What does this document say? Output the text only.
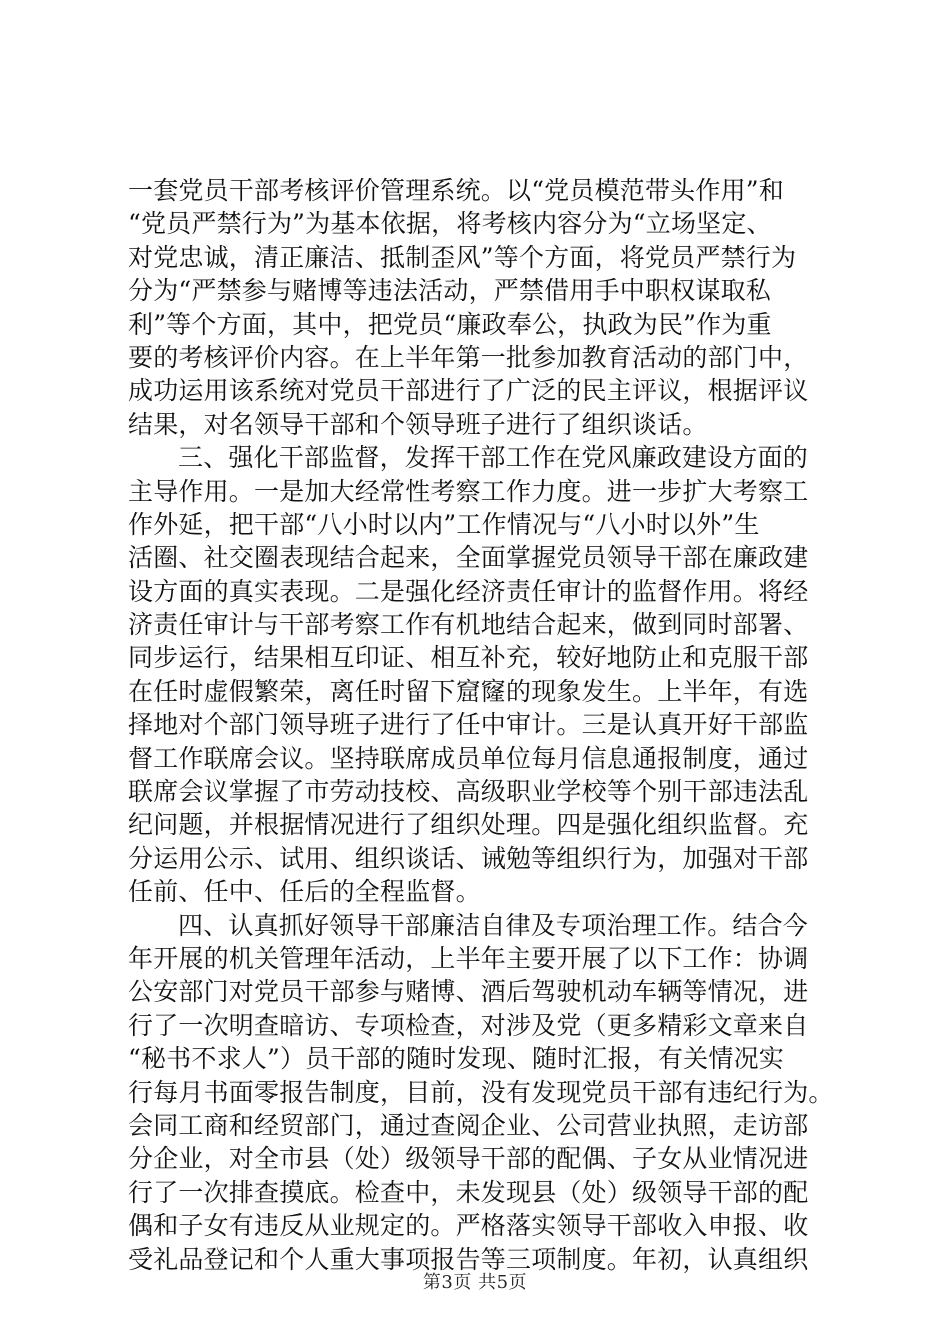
一套党员干部考核评价管理系统。以“党员模范带头作用”和
“党员严禁行为”为基本依据，将考核内容分为“立场坚定、
对党忠诚，清正廉洁、抵制歪风”等个方面，将党员严禁行为
分为“严禁参与赌博等违法活动，严禁借用手中职权谋取私
利”等个方面，其中，把党员“廉政奉公，执政为民”作为重
要的考核评价内容。在上半年第一批参加教育活动的部门中，
成功运用该系统对党员干部进行了广泛的民主评议，根据评议
结果，对名领导干部和个领导班子进行了组织谈话。
三、强化干部监督，发挥干部工作在党风廉政建设方面的
主导作用。一是加大经常性考察工作力度。进一步扩大考察工
作外延，把干部“八小时以内”工作情况与“八小时以外”生
活圈、社交圈表现结合起来，全面掌握党员领导干部在廉政建
设方面的真实表现。二是强化经济责任审计的监督作用。将经
济责任审计与干部考察工作有机地结合起来，做到同时部署、
同步运行，结果相互印证、相互补充，较好地防止和克服干部
在任时虚假繁荣，离任时留下窟窿的现象发生。上半年，有选
择地对个部门领导班子进行了任中审计。三是认真开好干部监
督工作联席会议。坚持联席成员单位每月信息通报制度，通过
联席会议掌握了市劳动技校、高级职业学校等个别干部违法乱
纪问题，并根据情况进行了组织处理。四是强化组织监督。充
分运用公示、试用、组织谈话、诫勉等组织行为，加强对干部
任前、任中、任后的全程监督。
四、认真抓好领导干部廉洁自律及专项治理工作。结合今
年开展的机关管理年活动，上半年主要开展了以下工作：协调
公安部门对党员干部参与赌博、酒后驾驶机动车辆等情况，进
行了一次明查暗访、专项检查，对涉及党（更多精彩文章来自
“秘书不求人”）员干部的随时发现、随时汇报，有关情况实
行每月书面零报告制度，目前，没有发现党员干部有违纪行为。
会同工商和经贸部门，通过查阅企业、公司营业执照，走访部
分企业，对全市县（处）级领导干部的配偶、子女从业情况进
行了一次排查摸底。检查中，未发现县（处）级领导干部的配
偶和子女有违反从业规定的。严格落实领导干部收入申报、收
受礼品登记和个人重大事项报告等三项制度。年初，认真组织
第3页 共5页
